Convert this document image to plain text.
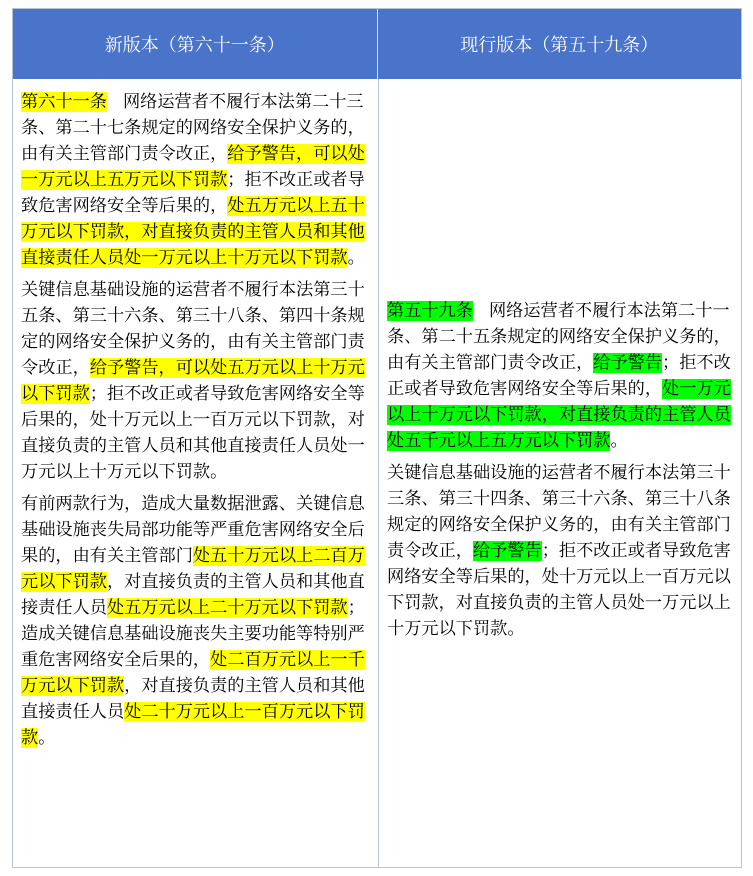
新版本（第六十一条）	现行版本（第五十九条）

第六十一条 网络运营者不履行本法第二十三条、第二十七条规定的网络安全保护义务的，由有关主管部门责令改正，给予警告，可以处一万元以上五万元以下罚款；拒不改正或者导致危害网络安全等后果的，处五万元以上五十万元以下罚款，对直接负责的主管人员和其他直接责任人员处一万元以上十万元以下罚款。

关键信息基础设施的运营者不履行本法第三十五条、第三十六条、第三十八条、第四十条规定的网络安全保护义务的，由有关主管部门责令改正，给予警告，可以处五万元以上十万元以下罚款；拒不改正或者导致危害网络安全等后果的，处十万元以上一百万元以下罚款，对直接负责的主管人员和其他直接责任人员处一万元以上十万元以下罚款。

有前两款行为，造成大量数据泄露、关键信息基础设施丧失局部功能等严重危害网络安全后果的，由有关主管部门处五十万元以上二百万元以下罚款，对直接负责的主管人员和其他直接责任人员处五万元以上二十万元以下罚款；造成关键信息基础设施丧失主要功能等特别严重危害网络安全后果的，处二百万元以上一千万元以下罚款，对直接负责的主管人员和其他直接责任人员处二十万元以上一百万元以下罚款。

第五十九条 网络运营者不履行本法第二十一条、第二十五条规定的网络安全保护义务的，由有关主管部门责令改正，给予警告；拒不改正或者导致危害网络安全等后果的，处一万元以上十万元以下罚款，对直接负责的主管人员处五千元以上五万元以下罚款。

关键信息基础设施的运营者不履行本法第三十三条、第三十四条、第三十六条、第三十八条规定的网络安全保护义务的，由有关主管部门责令改正，给予警告；拒不改正或者导致危害网络安全等后果的，处十万元以上一百万元以下罚款，对直接负责的主管人员处一万元以上十万元以下罚款。
